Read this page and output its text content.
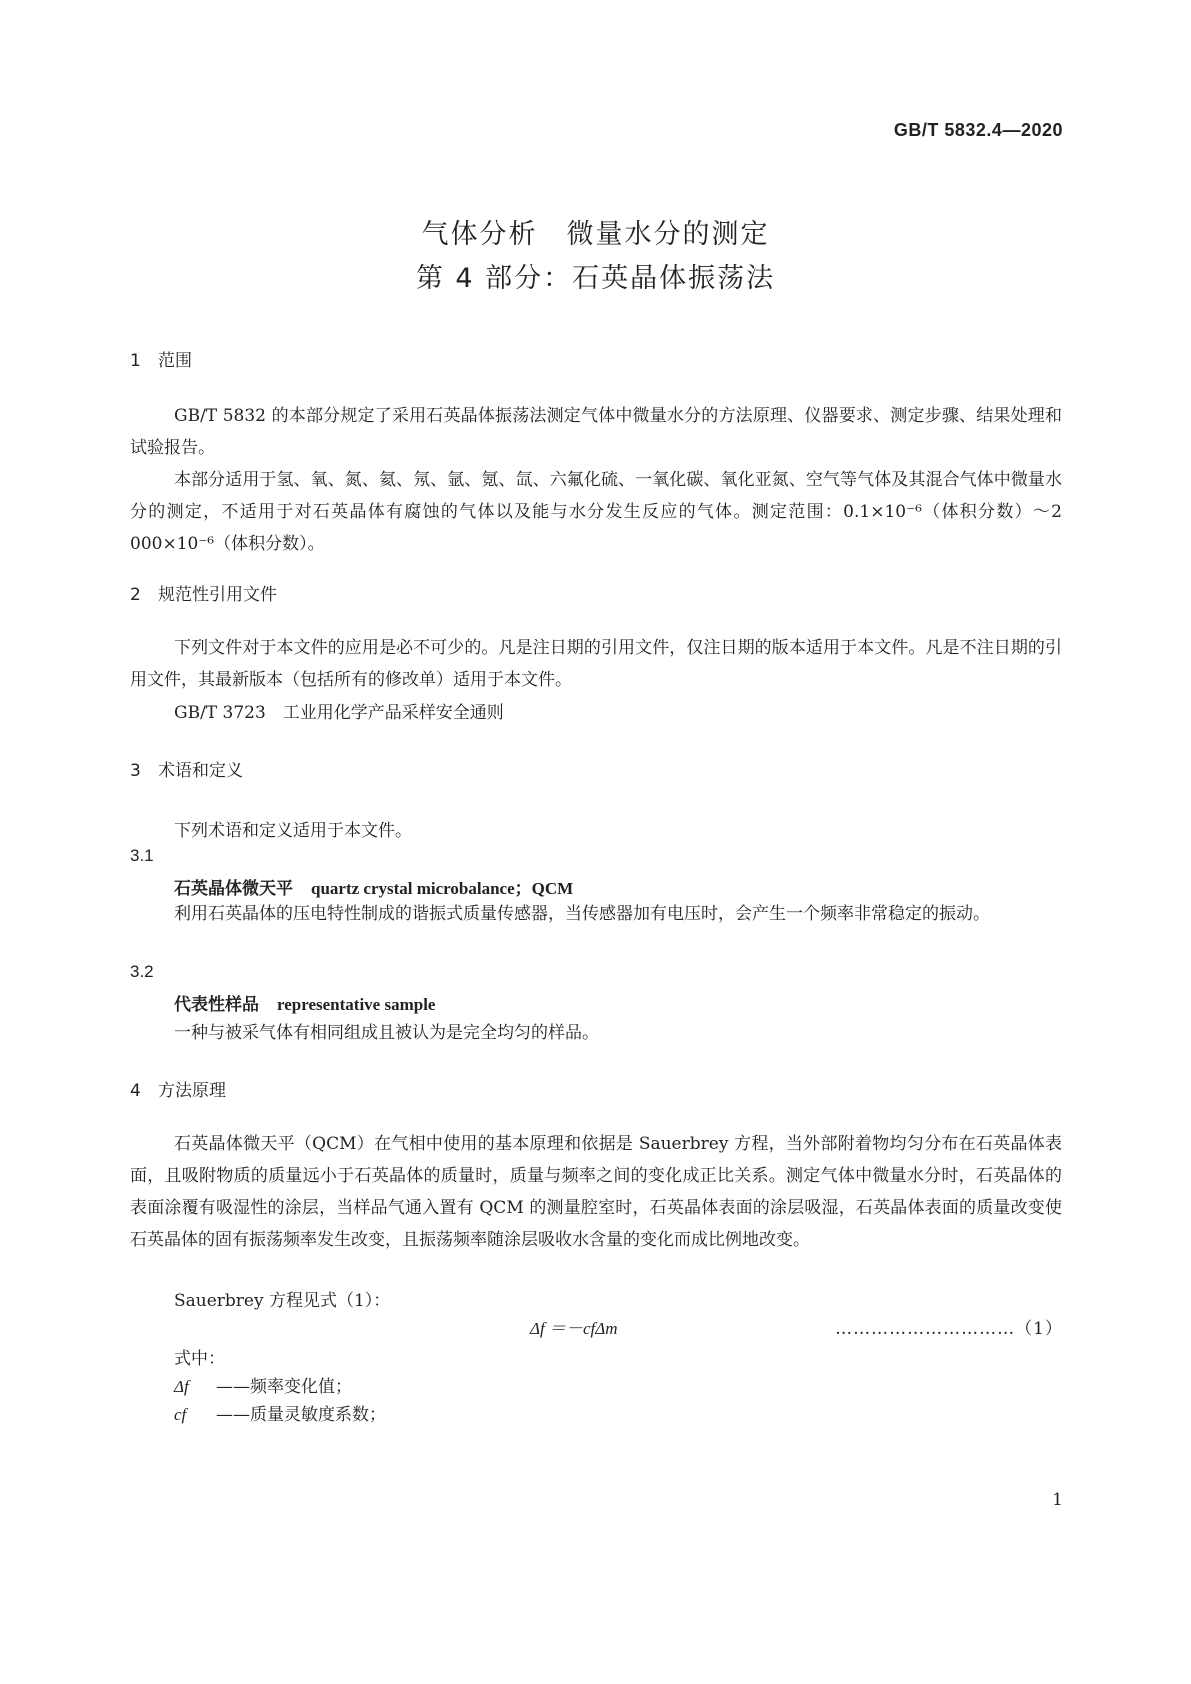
GB/T 5832.4—2020
气体分析　微量水分的测定
第 4 部分：石英晶体振荡法
1 范围

GB/T 5832 的本部分规定了采用石英晶体振荡法测定气体中微量水分的方法原理、仪器要求、测定步骤、结果处理和试验报告。

本部分适用于氢、氧、氮、氦、氖、氩、氪、氙、六氟化硫、一氧化碳、氧化亚氮、空气等气体及其混合气体中微量水分的测定，不适用于对石英晶体有腐蚀的气体以及能与水分发生反应的气体。测定范围：0.1×10⁻⁶（体积分数）～2 000×10⁻⁶（体积分数）。

2 规范性引用文件

下列文件对于本文件的应用是必不可少的。凡是注日期的引用文件，仅注日期的版本适用于本文件。凡是不注日期的引用文件，其最新版本（包括所有的修改单）适用于本文件。

GB/T 3723　工业用化学产品采样安全通则
3 术语和定义
下列术语和定义适用于本文件。
3.1
石英晶体微天平 quartz crystal microbalance；QCM

利用石英晶体的压电特性制成的谐振式质量传感器，当传感器加有电压时，会产生一个频率非常稳定的振动。

3.2
代表性样品 representative sample
一种与被采气体有相同组成且被认为是完全均匀的样品。
4 方法原理

石英晶体微天平（QCM）在气相中使用的基本原理和依据是 Sauerbrey 方程，当外部附着物均匀分布在石英晶体表面，且吸附物质的质量远小于石英晶体的质量时，质量与频率之间的变化成正比关系。测定气体中微量水分时，石英晶体的表面涂覆有吸湿性的涂层，当样品气通入置有 QCM 的测量腔室时，石英晶体表面的涂层吸湿，石英晶体表面的质量改变使石英晶体的固有振荡频率发生改变，且振荡频率随涂层吸收水含量的变化而成比例地改变。

Sauerbrey 方程见式（1）：
Δf ＝－cfΔm	…………………………（1）
式中：
Δf ——频率变化值；
cf ——质量灵敏度系数；
1
